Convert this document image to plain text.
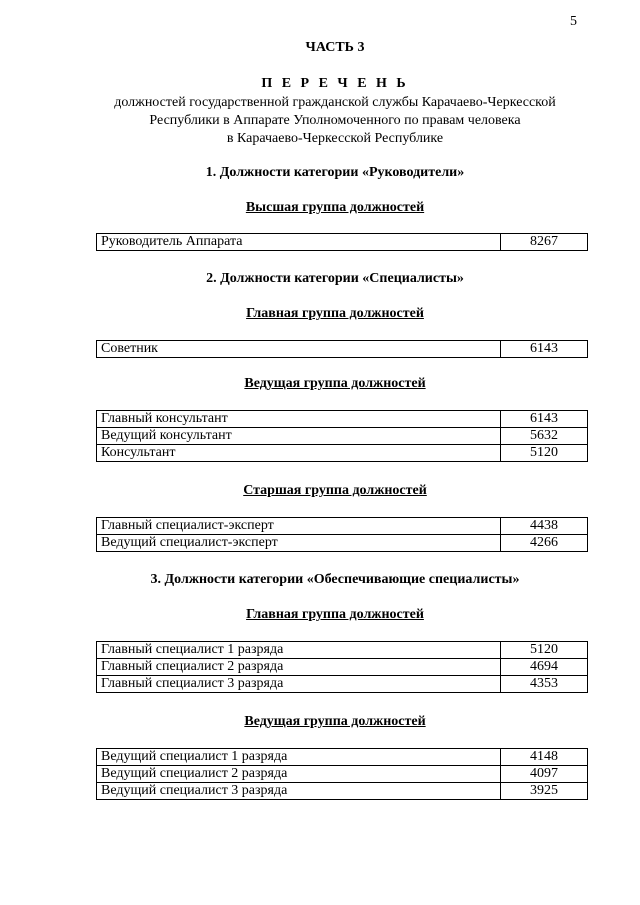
5
ЧАСТЬ 3
П Е Р Е Ч Е Н Ь
должностей государственной гражданской службы Карачаево-Черкесской
Республики в Аппарате Уполномоченного по правам человека
в Карачаево-Черкесской Республике
1. Должности категории «Руководители»
Высшая группа должностей
Руководитель Аппарата	8267
2. Должности категории «Специалисты»
Главная группа должностей
Советник	6143
Ведущая группа должностей
Главный консультант	6143
Ведущий консультант	5632
Консультант	5120
Старшая группа должностей
Главный специалист-эксперт	4438
Ведущий специалист-эксперт	4266
3. Должности категории «Обеспечивающие специалисты»
Главная группа должностей
Главный специалист 1 разряда	5120
Главный специалист 2 разряда	4694
Главный специалист 3 разряда	4353
Ведущая группа должностей
Ведущий специалист 1 разряда	4148
Ведущий специалист 2 разряда	4097
Ведущий специалист 3 разряда	3925
